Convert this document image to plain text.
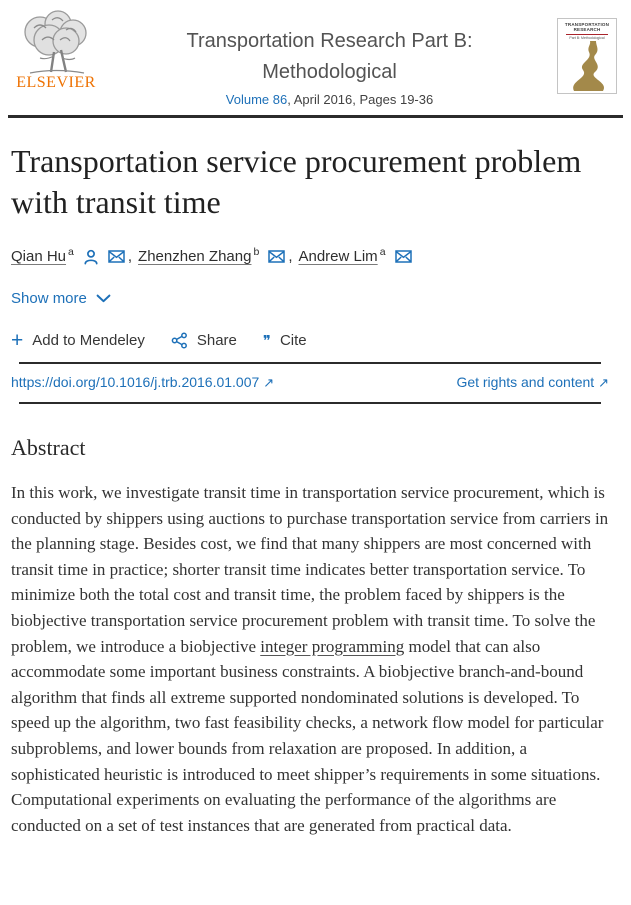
ELSEVIER
Transportation Research Part B: Methodological
Volume 86, April 2016, Pages 19-36
TRANSPORTATION RESEARCH
Part B: Methodological
Transportation service procurement problem with transit time
Qian Hu$^a$	, Zhenzhen Zhang$^b$ , Andrew Lim$^a$
Show more
+ Add to Mendeley	Share ❞ Cite
https://doi.org/10.1016/j.trb.2016.01.007 ↗	Get rights and content ↗
Abstract

In this work, we investigate transit time in transportation service procurement, which is conducted by shippers using auctions to purchase transportation service from carriers in the planning stage. Besides cost, we find that many shippers are most concerned with transit time in practice; shorter transit time indicates better transportation service. To minimize both the total cost and transit time, the problem faced by shippers is the biobjective transportation service procurement problem with transit time. To solve the problem, we introduce a biobjective integer programming model that can also accommodate some important business constraints. A biobjective branch-and-bound algorithm that finds all extreme supported nondominated solutions is developed. To speed up the algorithm, two fast feasibility checks, a network flow model for particular subproblems, and lower bounds from relaxation are proposed. In addition, a sophisticated heuristic is introduced to meet shipper’s requirements in some situations. Computational experiments on evaluating the performance of the algorithms are conducted on a set of test instances that are generated from practical data.
